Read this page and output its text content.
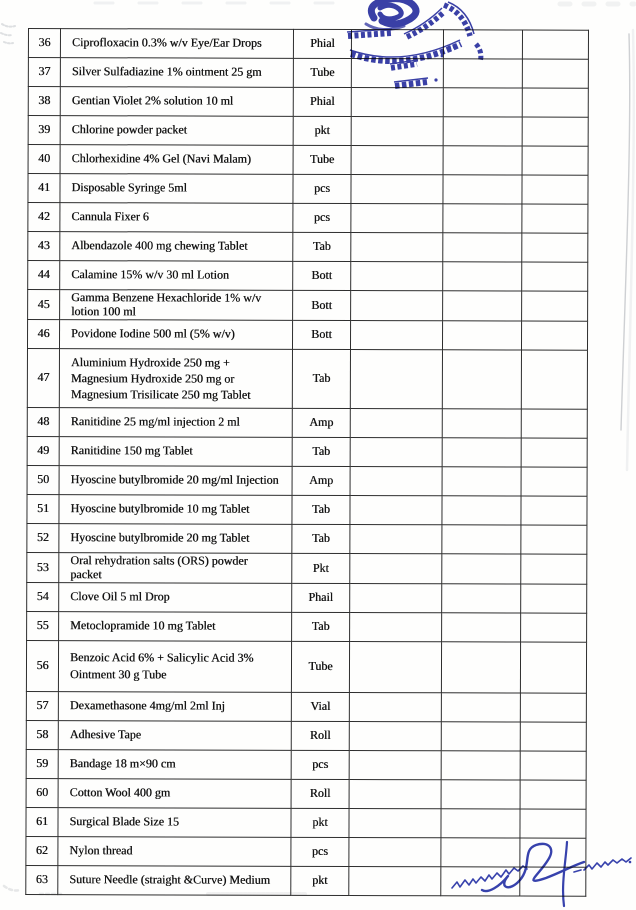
36	Ciprofloxacin 0.3% w/v Eye/Ear Drops	Phial			
37	Silver Sulfadiazine 1% ointment 25 gm	Tube			
38	Gentian Violet 2% solution 10 ml	Phial			
39	Chlorine powder packet	pkt			
40	Chlorhexidine 4% Gel (Navi Malam)	Tube			
41	Disposable Syringe 5ml	pcs			
42	Cannula Fixer 6	pcs			
43	Albendazole 400 mg chewing Tablet	Tab			
44	Calamine 15% w/v 30 ml Lotion	Bott			
45	Gamma Benzene Hexachloride 1% w/v
lotion 100 ml	Bott			
46	Povidone Iodine 500 ml (5% w/v)	Bott			
47	Aluminium Hydroxide 250 mg +
Magnesium Hydroxide 250 mg or
Magnesium Trisilicate 250 mg Tablet	Tab			
48	Ranitidine 25 mg/ml injection 2 ml	Amp			
49	Ranitidine 150 mg Tablet	Tab			
50	Hyoscine butylbromide 20 mg/ml Injection	Amp			
51	Hyoscine butylbromide 10 mg Tablet	Tab			
52	Hyoscine butylbromide 20 mg Tablet	Tab			
53	Oral rehydration salts (ORS) powder
packet	Pkt			
54	Clove Oil 5 ml Drop	Phail			
55	Metoclopramide 10 mg Tablet	Tab			
56	Benzoic Acid 6% + Salicylic Acid 3%
Ointment 30 g Tube	Tube			
57	Dexamethasone 4mg/ml 2ml Inj	Vial			
58	Adhesive Tape	Roll			
59	Bandage 18 m×90 cm	pcs			
60	Cotton Wool 400 gm	Roll			
61	Surgical Blade Size 15	pkt			
62	Nylon thread	pcs			
63	Suture Needle (straight &Curve) Medium	pkt			
